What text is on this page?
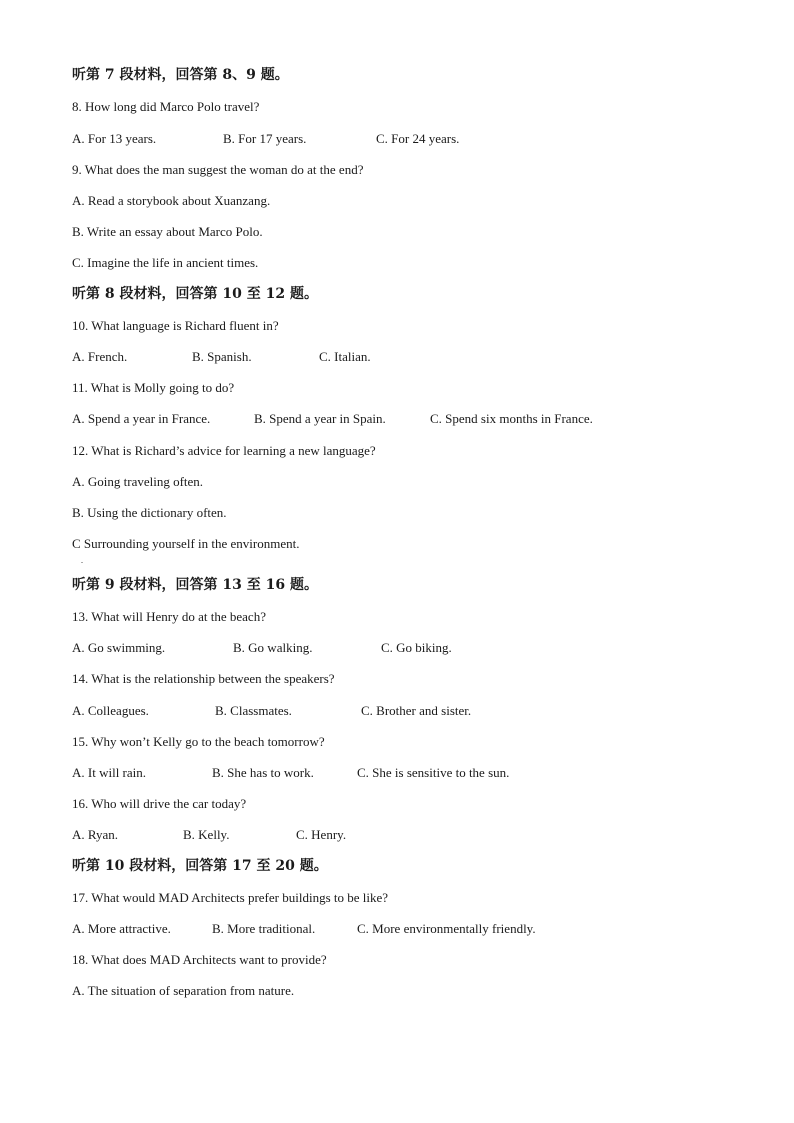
听第 7 段材料，回答第 8、9 题。
8. How long did Marco Polo travel?
A. For 13 years.	B. For 17 years.	C. For 24 years.
9. What does the man suggest the woman do at the end?
A. Read a storybook about Xuanzang.
B. Write an essay about Marco Polo.
C. Imagine the life in ancient times.
听第 8 段材料，回答第 10 至 12 题。
10. What language is Richard fluent in?
A. French.	B. Spanish.	C. Italian.
11. What is Molly going to do?
A. Spend a year in France.	B. Spend a year in Spain.	C. Spend six months in France.
12. What is Richard’s advice for learning a new language?
A. Going traveling often.
B. Using the dictionary often.
C Surrounding yourself in the environment.
.
听第 9 段材料，回答第 13 至 16 题。
13. What will Henry do at the beach?
A. Go swimming.	B. Go walking.	C. Go biking.
14. What is the relationship between the speakers?
A. Colleagues.	B. Classmates.	C. Brother and sister.
15. Why won’t Kelly go to the beach tomorrow?
A. It will rain.	B. She has to work.	C. She is sensitive to the sun.
16. Who will drive the car today?
A. Ryan.	B. Kelly.	C. Henry.
听第 10 段材料，回答第 17 至 20 题。
17. What would MAD Architects prefer buildings to be like?
A. More attractive.	B. More traditional.	C. More environmentally friendly.
18. What does MAD Architects want to provide?
A. The situation of separation from nature.
